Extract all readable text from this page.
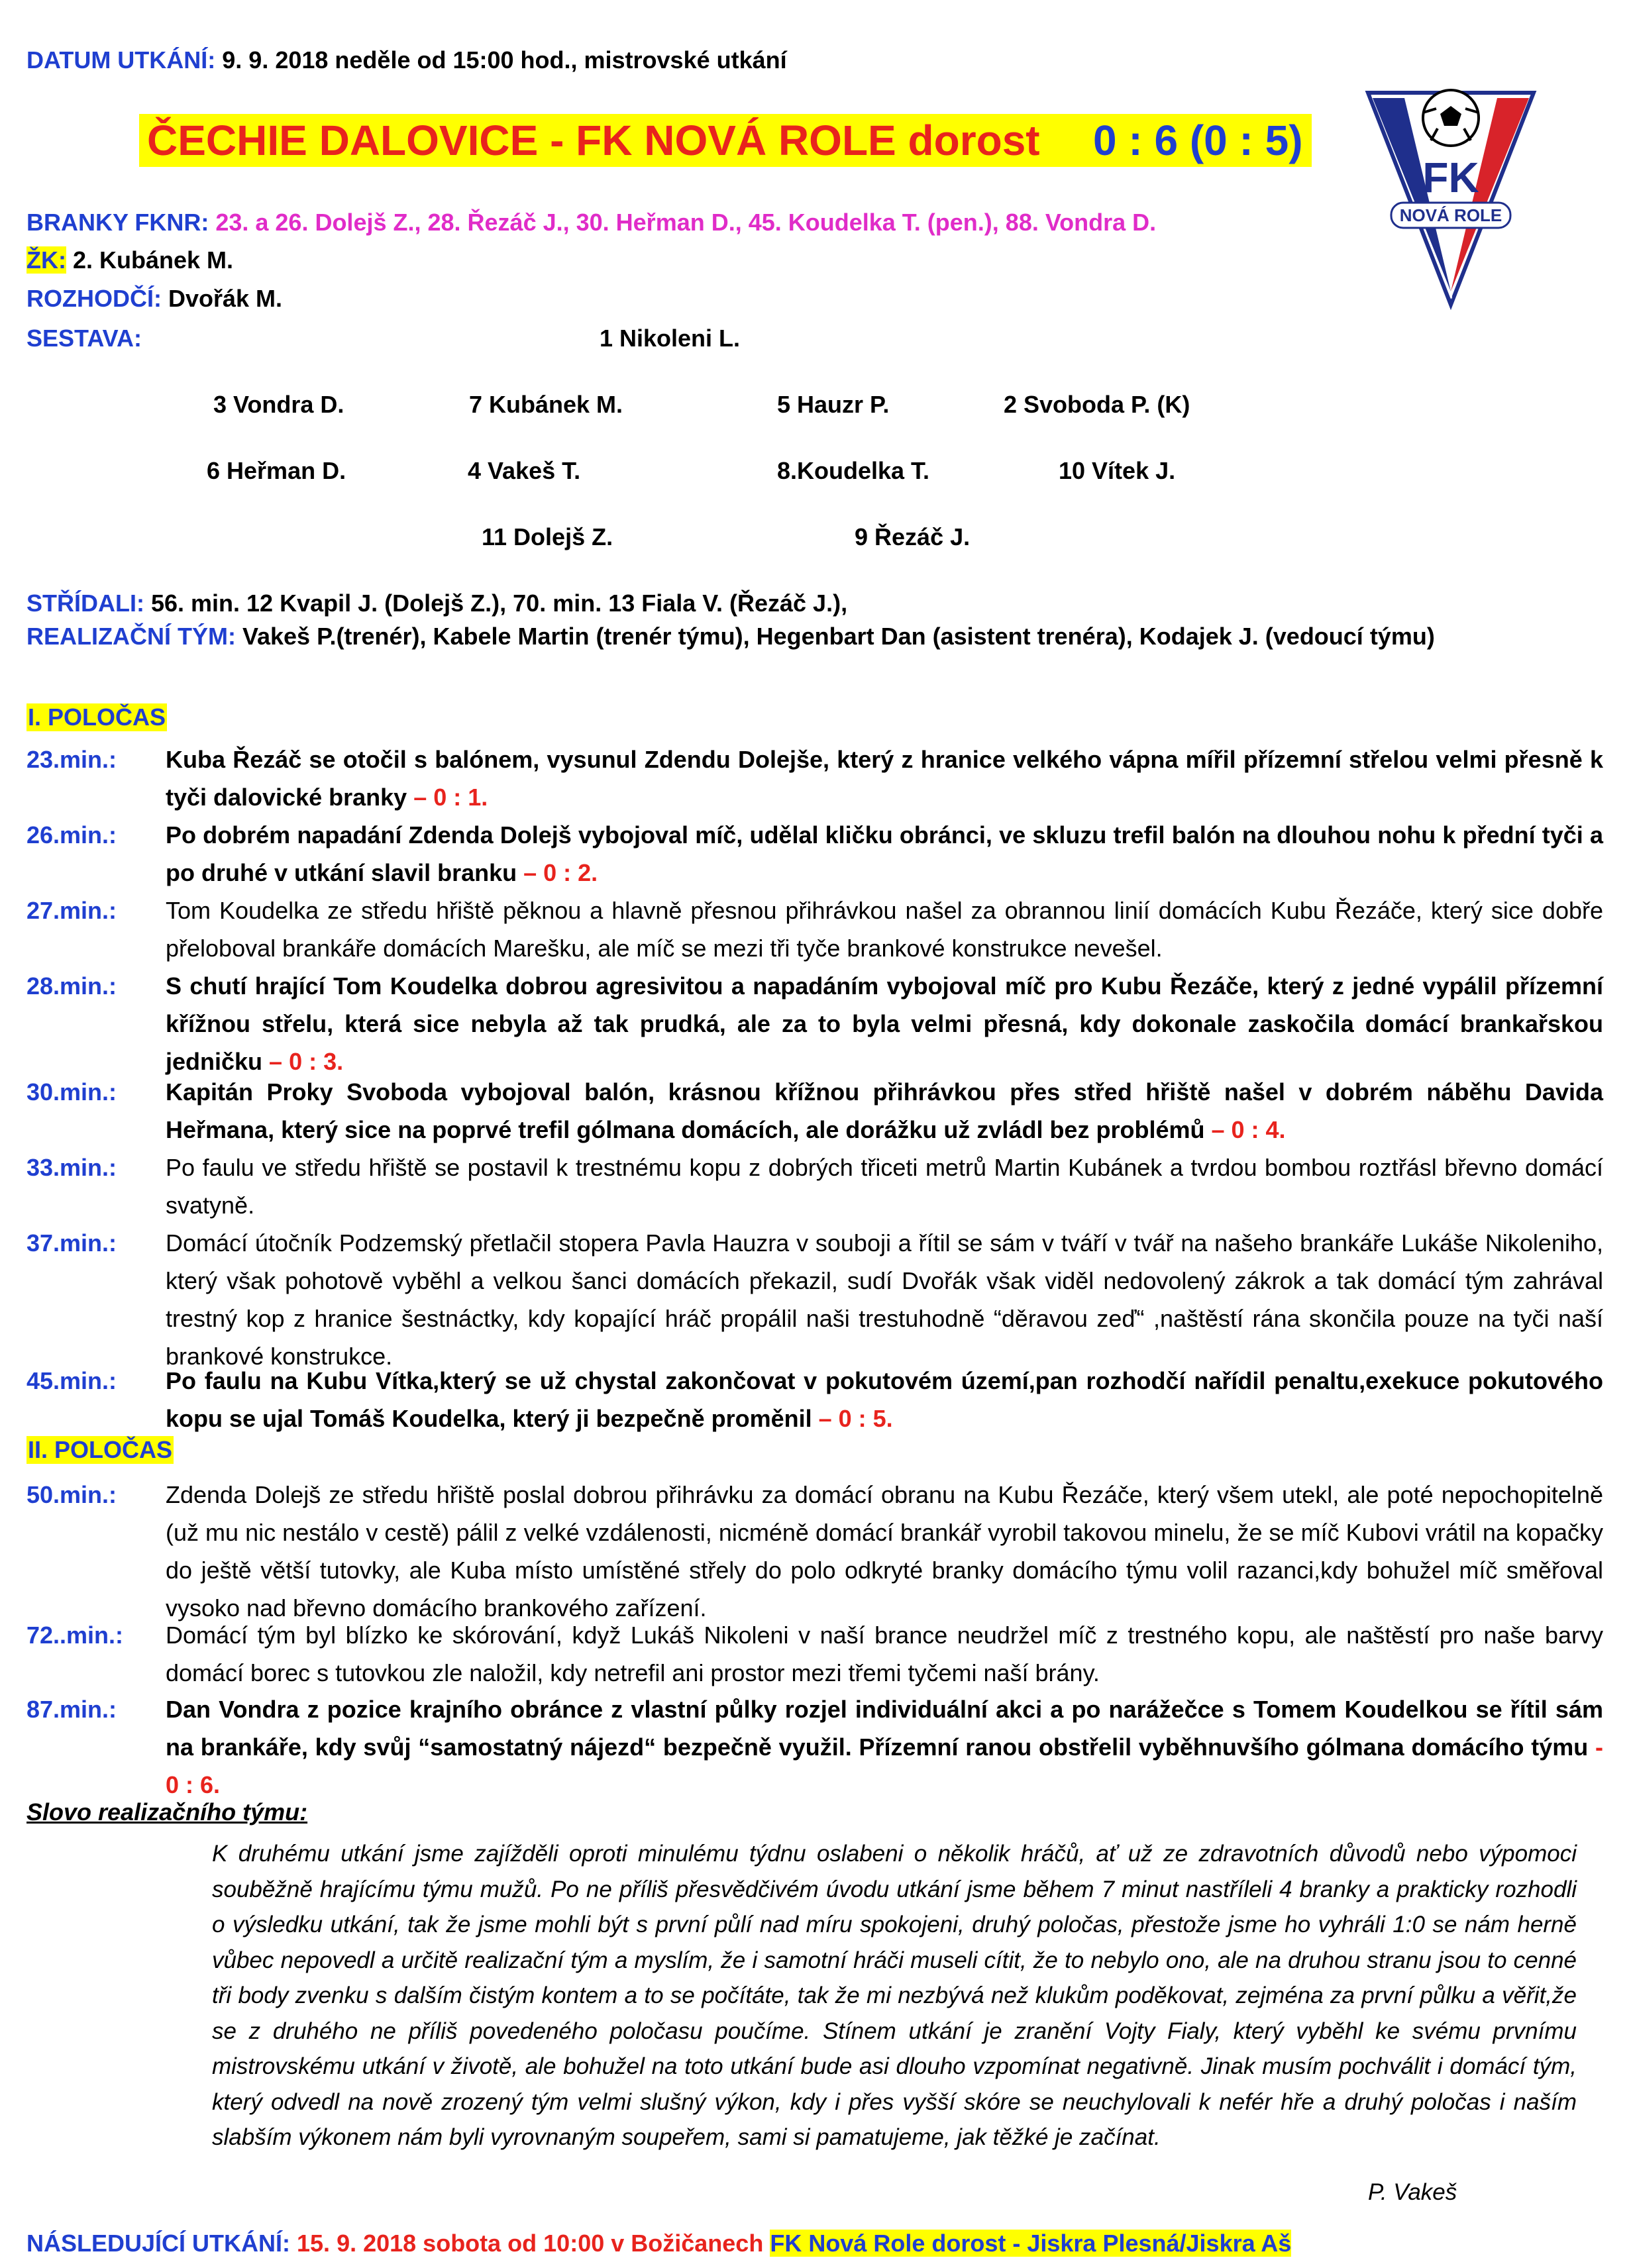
DATUM UTKÁNÍ: 9. 9. 2018 neděle od 15:00 hod., mistrovské utkání
ČECHIE DALOVICE - FK NOVÁ ROLE dorost 0 : 6 (0 : 5)
FK
NOVÁ ROLE
BRANKY FKNR: 23. a 26. Dolejš Z., 28. Řezáč J., 30. Heřman D., 45. Koudelka T. (pen.), 88. Vondra D.
ŽK: 2. Kubánek M.
ROZHODČÍ: Dvořák M.
SESTAVA:	1 Nikoleni L.
3 Vondra D.	7 Kubánek M.	5 Hauzr P.	2 Svoboda P. (K)
6 Heřman D.	4 Vakeš T.	8.Koudelka T.	10 Vítek J.
11 Dolejš Z.	9 Řezáč J.
STŘÍDALI: 56. min. 12 Kvapil J. (Dolejš Z.), 70. min. 13 Fiala V. (Řezáč J.),
REALIZAČNÍ TÝM: Vakeš P.(trenér), Kabele Martin (trenér týmu), Hegenbart Dan (asistent trenéra), Kodajek J. (vedoucí týmu)
I. POLOČAS
23.min.:	Kuba Řezáč se otočil s balónem, vysunul Zdendu Dolejše, který z hranice velkého vápna mířil přízemní střelou velmi přesně k tyči dalovické branky – 0 : 1.
26.min.:	Po dobrém napadání Zdenda Dolejš vybojoval míč, udělal kličku obránci, ve skluzu trefil balón na dlouhou nohu k přední tyči a po druhé v utkání slavil branku – 0 : 2.
27.min.:	Tom Koudelka ze středu hřiště pěknou a hlavně přesnou přihrávkou našel za obrannou linií domácích Kubu Řezáče, který sice dobře přeloboval brankáře domácích Marešku, ale míč se mezi tři tyče brankové konstrukce nevešel.
28.min.:	S chutí hrající Tom Koudelka dobrou agresivitou a napadáním vybojoval míč pro Kubu Řezáče, který z jedné vypálil přízemní křížnou střelu, která sice nebyla až tak prudká, ale za to byla velmi přesná, kdy dokonale zaskočila domácí brankařskou jedničku – 0 : 3.
30.min.:	Kapitán Proky Svoboda vybojoval balón, krásnou křížnou přihrávkou přes střed hřiště našel v dobrém náběhu Davida Heřmana, který sice na poprvé trefil gólmana domácích, ale dorážku už zvládl bez problémů – 0 : 4.
33.min.:	Po faulu ve středu hřiště se postavil k trestnému kopu z dobrých třiceti metrů Martin Kubánek a tvrdou bombou roztřásl břevno domácí svatyně.
37.min.:	Domácí útočník Podzemský přetlačil stopera Pavla Hauzra v souboji a řítil se sám v tváří v tvář na našeho brankáře Lukáše Nikoleniho, který však pohotově vyběhl a velkou šanci domácích překazil, sudí Dvořák však viděl nedovolený zákrok a tak domácí tým zahrával trestný kop z hranice šestnáctky, kdy kopající hráč propálil naši trestuhodně “děravou zeď“ ,naštěstí rána skončila pouze na tyči naší brankové konstrukce.
45.min.:	Po faulu na Kubu Vítka,který se už chystal zakončovat v pokutovém území,pan rozhodčí nařídil penaltu,exekuce pokutového kopu se ujal Tomáš Koudelka, který ji bezpečně proměnil – 0 : 5.
II. POLOČAS
50.min.:	Zdenda Dolejš ze středu hřiště poslal dobrou přihrávku za domácí obranu na Kubu Řezáče, který všem utekl, ale poté nepochopitelně (už mu nic nestálo v cestě) pálil z velké vzdálenosti, nicméně domácí brankář vyrobil takovou minelu, že se míč Kubovi vrátil na kopačky do ještě větší tutovky, ale Kuba místo umístěné střely do polo odkryté branky domácího týmu volil razanci,kdy bohužel míč směřoval vysoko nad břevno domácího brankového zařízení.
72..min.:	Domácí tým byl blízko ke skórování, když Lukáš Nikoleni v naší brance neudržel míč z trestného kopu, ale naštěstí pro naše barvy domácí borec s tutovkou zle naložil, kdy netrefil ani prostor mezi třemi tyčemi naší brány.
87.min.:	Dan Vondra z pozice krajního obránce z vlastní půlky rozjel individuální akci a po narážečce s Tomem Koudelkou se řítil sám na brankáře, kdy svůj “samostatný nájezd“ bezpečně využil. Přízemní ranou obstřelil vyběhnuvšího gólmana domácího týmu - 0 : 6.
Slovo realizačního týmu:
K druhému utkání jsme zajížděli oproti minulému týdnu oslabeni o několik hráčů, ať už ze zdravotních důvodů nebo výpomoci souběžně hrajícímu týmu mužů. Po ne příliš přesvědčivém úvodu utkání jsme během 7 minut nastříleli 4 branky a prakticky rozhodli o výsledku utkání, tak že jsme mohli být s první půlí nad míru spokojeni, druhý poločas, přestože jsme ho vyhráli 1:0 se nám herně vůbec nepovedl a určitě realizační tým a myslím, že i samotní hráči museli cítit, že to nebylo ono, ale na druhou stranu jsou to cenné tři body zvenku s dalším čistým kontem a to se počítáte, tak že mi nezbývá než klukům poděkovat, zejména za první půlku a věřit,že se z druhého ne příliš povedeného poločasu poučíme. Stínem utkání je zranění Vojty Fialy, který vyběhl ke svému prvnímu mistrovskému utkání v životě, ale bohužel na toto utkání bude asi dlouho vzpomínat negativně. Jinak musím pochválit i domácí tým, který odvedl na nově zrozený tým velmi slušný výkon, kdy i přes vyšší skóre se neuchylovali k nefér hře a druhý poločas i naším slabším výkonem nám byli vyrovnaným soupeřem, sami si pamatujeme, jak těžké je začínat.
P. Vakeš
NÁSLEDUJÍCÍ UTKÁNÍ: 15. 9. 2018 sobota od 10:00 v Božičanech FK Nová Role dorost - Jiskra Plesná/Jiskra Aš
